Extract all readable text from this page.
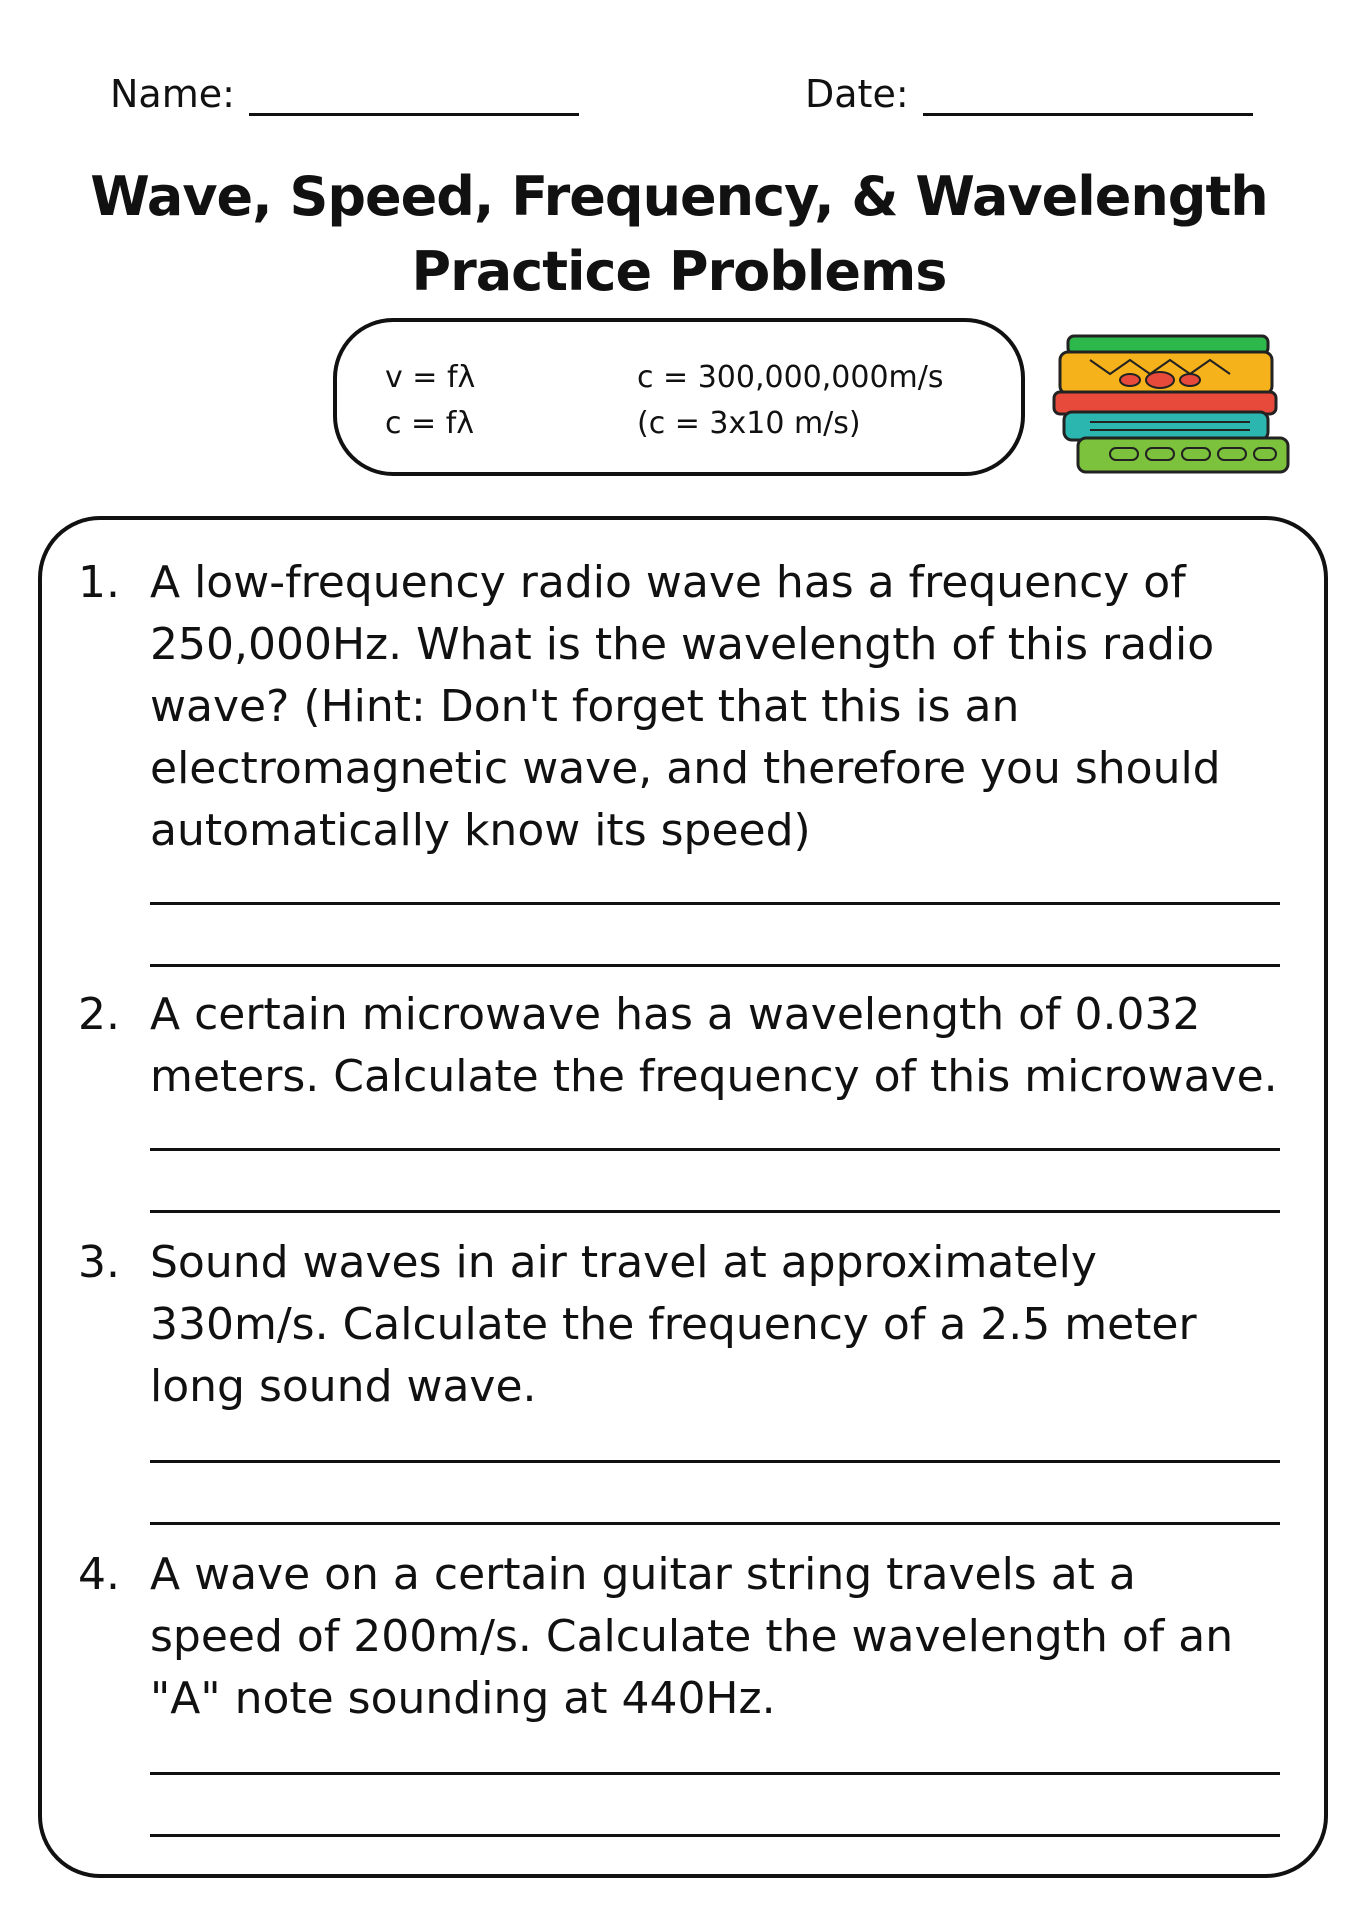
Name:	Date:
Wave, Speed, Frequency, & Wavelength
Practice Problems
v = fλ
c = fλ
c = 300,000,000m/s
(c = 3x10 m/s)
1. A low-frequency radio wave has a frequency of 250,000Hz. What is the wavelength of this radio wave? (Hint: Don't forget that this is an electromagnetic wave, and therefore you should automatically know its speed)
2. A certain microwave has a wavelength of 0.032 meters. Calculate the frequency of this microwave.
3. Sound waves in air travel at approximately 330m/s. Calculate the frequency of a 2.5 meter long sound wave.
4. A wave on a certain guitar string travels at a speed of 200m/s. Calculate the wavelength of an "A" note sounding at 440Hz.
